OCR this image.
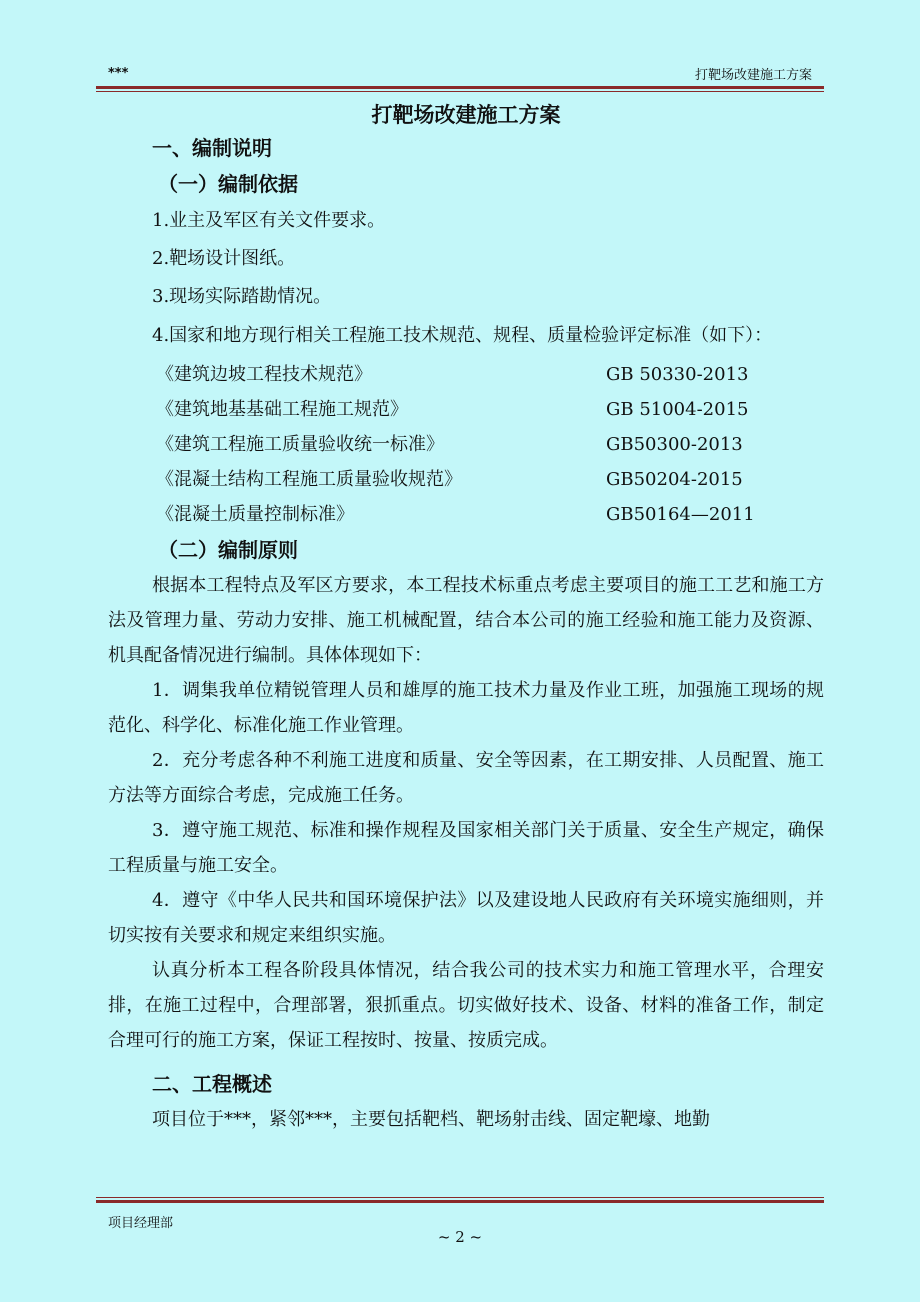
***	打靶场改建施工方案
打靶场改建施工方案
一、编制说明
（一）编制依据
1.业主及军区有关文件要求。
2.靶场设计图纸。
3.现场实际踏勘情况。

4.国家和地方现行相关工程施工技术规范、规程、质量检验评定标准（如下）：

《建筑边坡工程技术规范》	GB 50330-2013
《建筑地基基础工程施工规范》	GB 51004-2015
《建筑工程施工质量验收统一标准》	GB50300-2013
《混凝土结构工程施工质量验收规范》	GB50204-2015
《混凝土质量控制标准》	GB50164—2011
（二）编制原则

根据本工程特点及军区方要求，本工程技术标重点考虑主要项目的施工工艺和施工方法及管理力量、劳动力安排、施工机械配置，结合本公司的施工经验和施工能力及资源、机具配备情况进行编制。具体体现如下：

1．调集我单位精锐管理人员和雄厚的施工技术力量及作业工班，加强施工现场的规范化、科学化、标准化施工作业管理。

2．充分考虑各种不利施工进度和质量、安全等因素，在工期安排、人员配置、施工方法等方面综合考虑，完成施工任务。

3．遵守施工规范、标准和操作规程及国家相关部门关于质量、安全生产规定，确保工程质量与施工安全。

4．遵守《中华人民共和国环境保护法》以及建设地人民政府有关环境实施细则，并切实按有关要求和规定来组织实施。

认真分析本工程各阶段具体情况，结合我公司的技术实力和施工管理水平，合理安排，在施工过程中，合理部署，狠抓重点。切实做好技术、设备、材料的准备工作，制定合理可行的施工方案，保证工程按时、按量、按质完成。

二、工程概述

项目位于***，紧邻***，主要包括靶档、靶场射击线、固定靶壕、地勤

项目经理部
~ 2 ~
